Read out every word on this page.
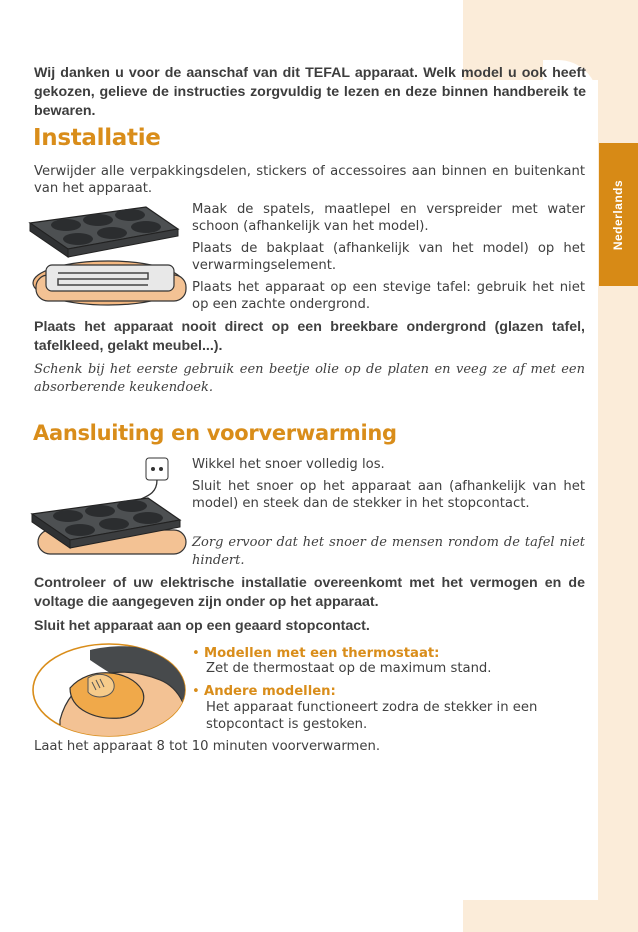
Nederlands

Wij danken u voor de aanschaf van dit TEFAL apparaat. Welk model u ook heeft gekozen, gelieve de instructies zorgvuldig te lezen en deze binnen handbereik te bewaren.

Installatie

Verwijder alle verpakkingsdelen, stickers of accessoires aan binnen en buitenkant van het apparaat.

Maak de spatels, maatlepel en verspreider met water schoon (afhankelijk van het model).

Plaats de bakplaat (afhankelijk van het model) op het verwarmingselement.

Plaats het apparaat op een stevige tafel: gebruik het niet op een zachte ondergrond.

Plaats het apparaat nooit direct op een breekbare ondergrond (glazen tafel, tafelkleed, gelakt meubel...).

Schenk bij het eerste gebruik een beetje olie op de platen en veeg ze af met een absorberende keukendoek.

Aansluiting en voorverwarming

Wikkel het snoer volledig los.

Sluit het snoer op het apparaat aan (afhankelijk van het model) en steek dan de stekker in het stopcontact.

Zorg ervoor dat het snoer de mensen rondom de tafel niet hindert.

Controleer of uw elektrische installatie overeenkomt met het vermogen en de voltage die aangegeven zijn onder op het apparaat.

Sluit het apparaat aan op een geaard stopcontact.

• Modellen met een thermostaat:

Zet de thermostaat op de maximum stand.

• Andere modellen:

Het apparaat functioneert zodra de stekker in een stopcontact is gestoken.

Laat het apparaat 8 tot 10 minuten voorverwarmen.
